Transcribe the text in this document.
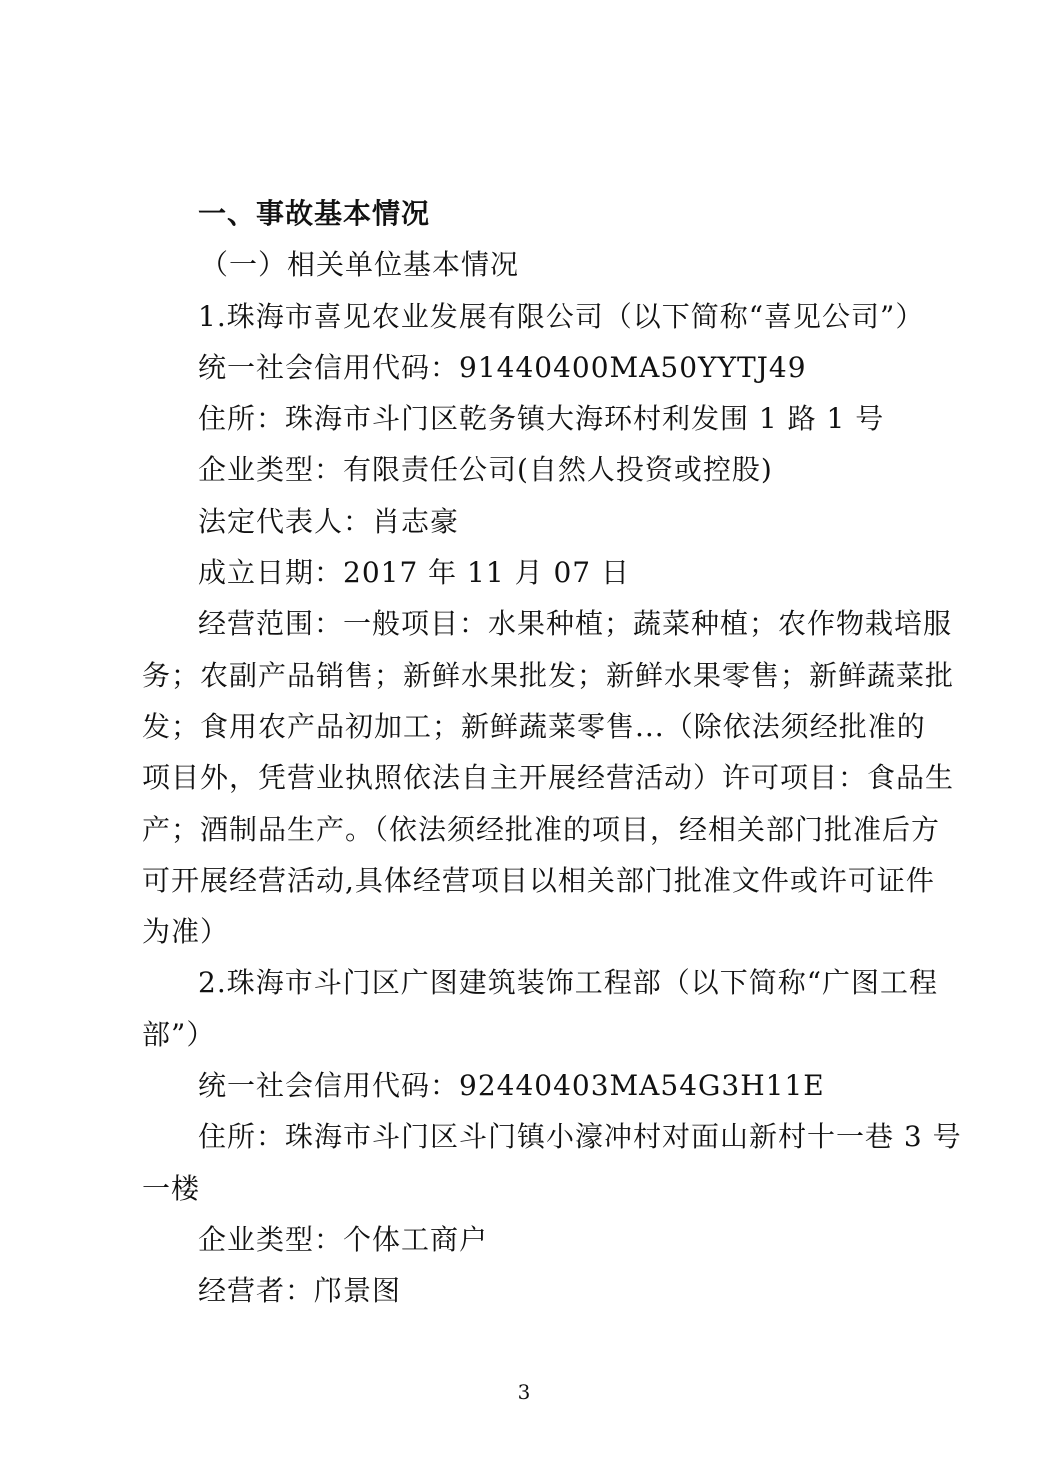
一、事故基本情况
（一）相关单位基本情况
1.珠海市喜见农业发展有限公司（以下简称“喜见公司”）
统一社会信用代码：91440400MA50YYTJ49
住所：珠海市斗门区乾务镇大海环村利发围 1 路 1 号
企业类型：有限责任公司(自然人投资或控股)
法定代表人：肖志豪
成立日期：2017 年 11 月 07 日
经营范围：一般项目：水果种植；蔬菜种植；农作物栽培服
务；农副产品销售；新鲜水果批发；新鲜水果零售；新鲜蔬菜批
发；食用农产品初加工；新鲜蔬菜零售...（除依法须经批准的
项目外，凭营业执照依法自主开展经营活动）许可项目：食品生
产；酒制品生产。（依法须经批准的项目，经相关部门批准后方
可开展经营活动,具体经营项目以相关部门批准文件或许可证件
为准）
2.珠海市斗门区广图建筑装饰工程部（以下简称“广图工程
部”）
统一社会信用代码：92440403MA54G3H11E
住所：珠海市斗门区斗门镇小濠冲村对面山新村十一巷 3 号
一楼
企业类型：个体工商户
经营者：邝景图
3
